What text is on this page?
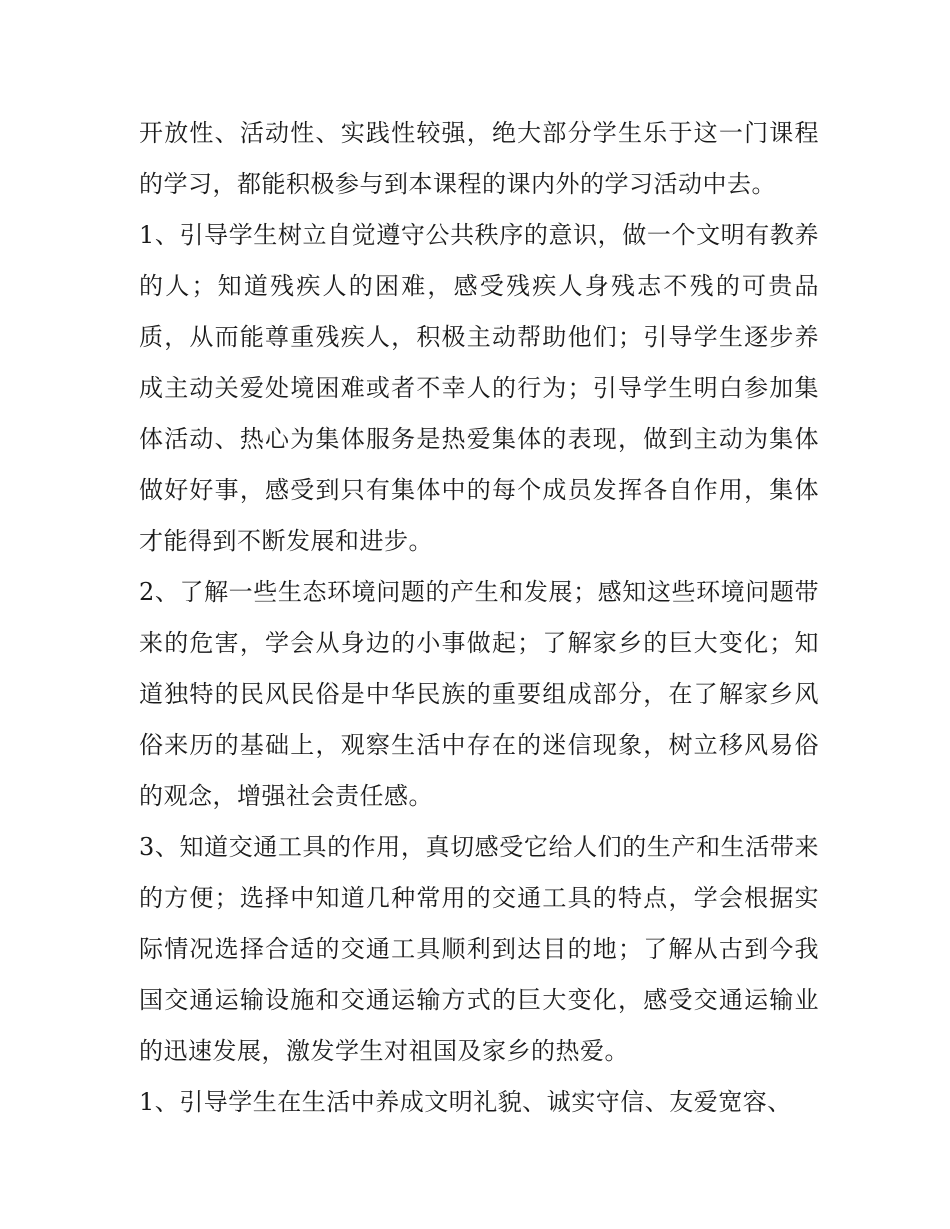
开放性、活动性、实践性较强，绝大部分学生乐于这一门课程的学习，都能积极参与到本课程的课内外的学习活动中去。

1、引导学生树立自觉遵守公共秩序的意识，做一个文明有教养的人；知道残疾人的困难，感受残疾人身残志不残的可贵品质，从而能尊重残疾人，积极主动帮助他们；引导学生逐步养成主动关爱处境困难或者不幸人的行为；引导学生明白参加集体活动、热心为集体服务是热爱集体的表现，做到主动为集体做好好事，感受到只有集体中的每个成员发挥各自作用，集体才能得到不断发展和进步。

2、了解一些生态环境问题的产生和发展；感知这些环境问题带来的危害，学会从身边的小事做起；了解家乡的巨大变化；知道独特的民风民俗是中华民族的重要组成部分，在了解家乡风俗来历的基础上，观察生活中存在的迷信现象，树立移风易俗的观念，增强社会责任感。

3、知道交通工具的作用，真切感受它给人们的生产和生活带来的方便；选择中知道几种常用的交通工具的特点，学会根据实际情况选择合适的交通工具顺利到达目的地；了解从古到今我国交通运输设施和交通运输方式的巨大变化，感受交通运输业的迅速发展，激发学生对祖国及家乡的热爱。

1、引导学生在生活中养成文明礼貌、诚实守信、友爱宽容、
